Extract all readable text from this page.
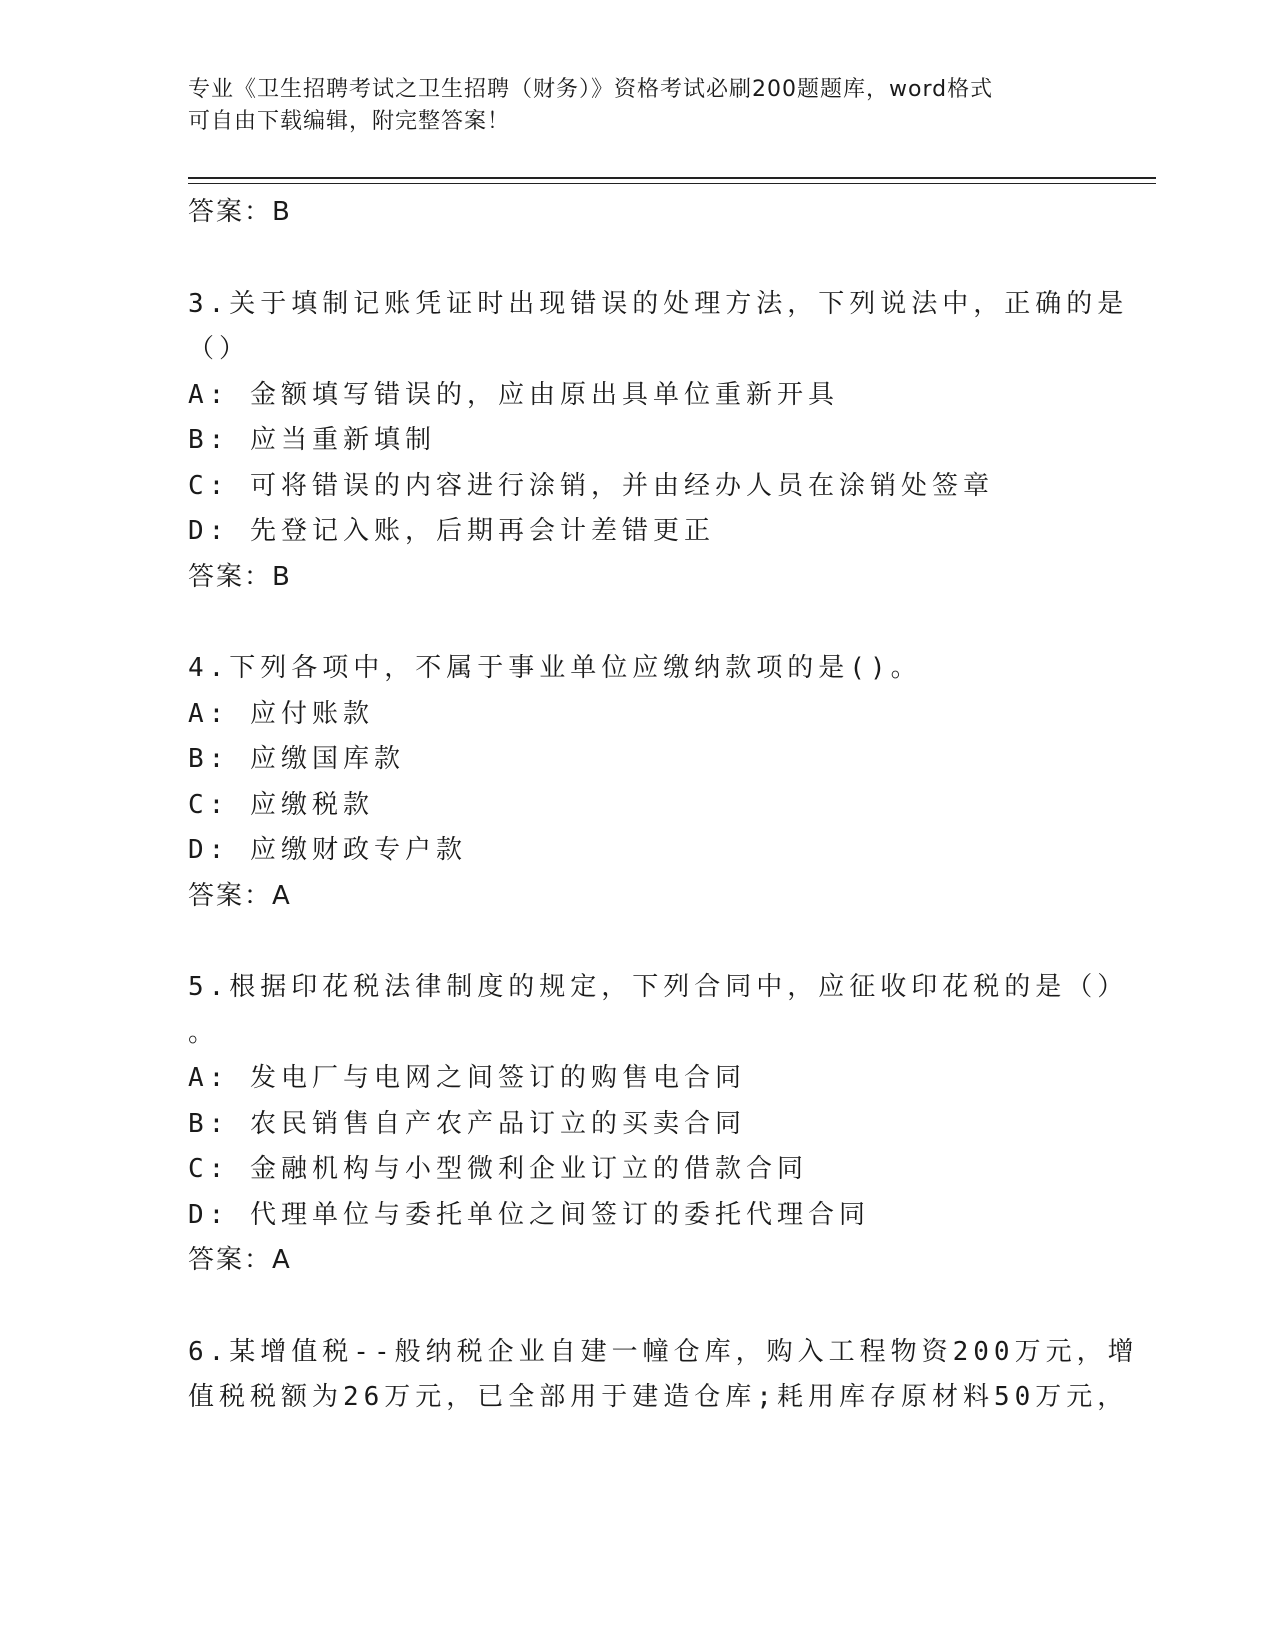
专业《卫生招聘考试之卫生招聘（财务）》资格考试必刷200题题库，word格式
可自由下载编辑，附完整答案！
答案：B
3.关于填制记账凭证时出现错误的处理方法，下列说法中，正确的是
（）
A: 金额填写错误的，应由原出具单位重新开具
B: 应当重新填制
C: 可将错误的内容进行涂销，并由经办人员在涂销处签章
D: 先登记入账，后期再会计差错更正
答案：B
4.下列各项中，不属于事业单位应缴纳款项的是()。
A: 应付账款
B: 应缴国库款
C: 应缴税款
D: 应缴财政专户款
答案：A
5.根据印花税法律制度的规定，下列合同中，应征收印花税的是（）
。
A: 发电厂与电网之间签订的购售电合同
B: 农民销售自产农产品订立的买卖合同
C: 金融机构与小型微利企业订立的借款合同
D: 代理单位与委托单位之间签订的委托代理合同
答案：A
6.某增值税--般纳税企业自建一幢仓库，购入工程物资200万元，增
值税税额为26万元，已全部用于建造仓库;耗用库存原材料50万元，
